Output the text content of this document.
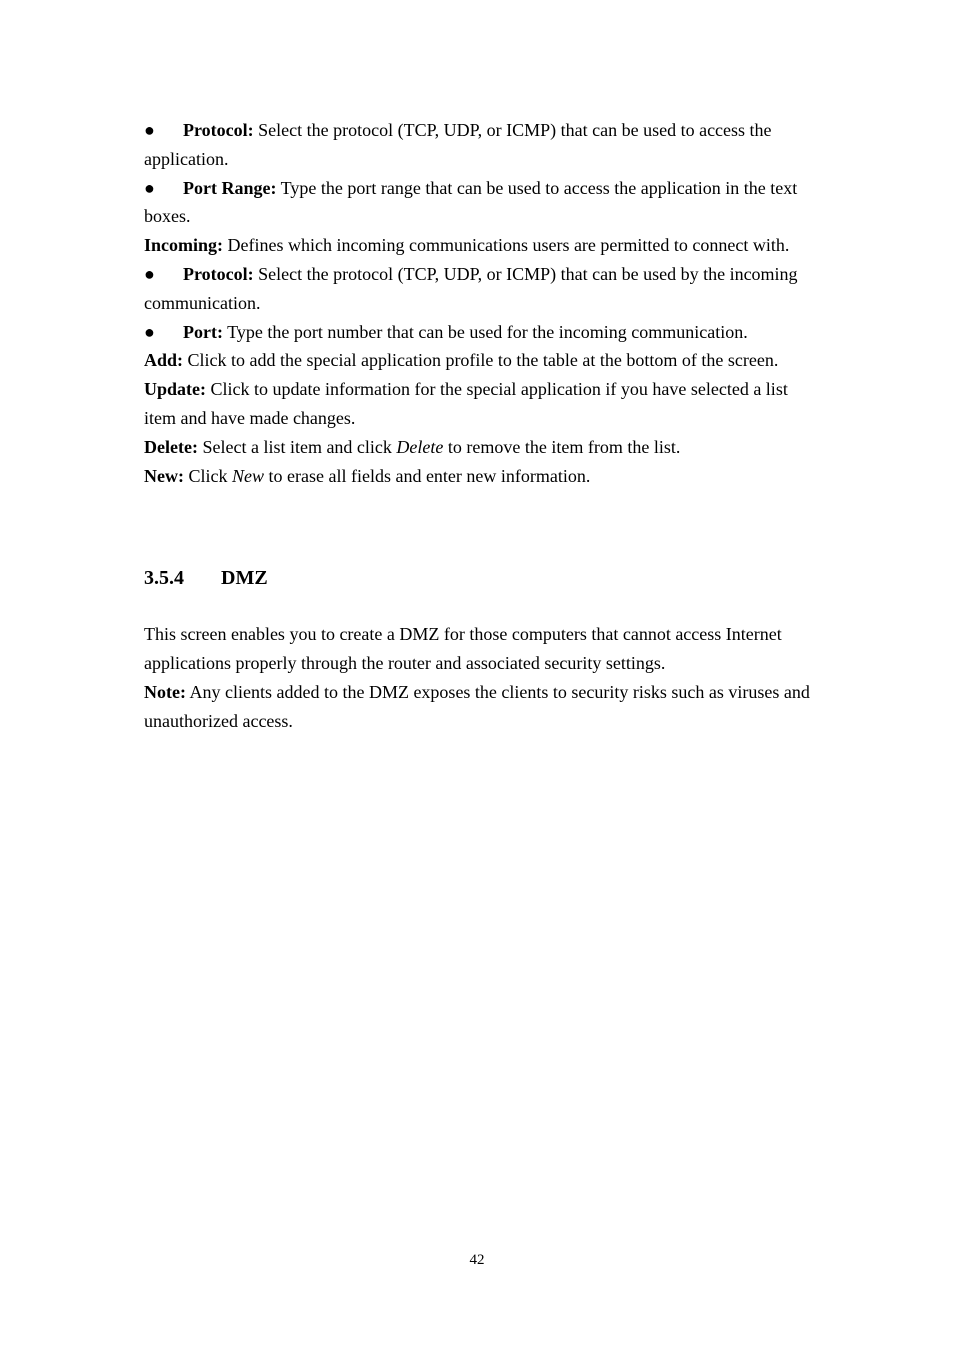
● Protocol: Select the protocol (TCP, UDP, or ICMP) that can be used to access the application.

● Port Range: Type the port range that can be used to access the application in the text boxes.

Incoming: Defines which incoming communications users are permitted to connect with.

● Protocol: Select the protocol (TCP, UDP, or ICMP) that can be used by the incoming communication.

● Port: Type the port number that can be used for the incoming communication.

Add: Click to add the special application profile to the table at the bottom of the screen.

Update: Click to update information for the special application if you have selected a list item and have made changes.

Delete: Select a list item and click Delete to remove the item from the list.

New: Click New to erase all fields and enter new information.

3.5.4 DMZ

This screen enables you to create a DMZ for those computers that cannot access Internet applications properly through the router and associated security settings.

Note: Any clients added to the DMZ exposes the clients to security risks such as viruses and unauthorized access.

42
